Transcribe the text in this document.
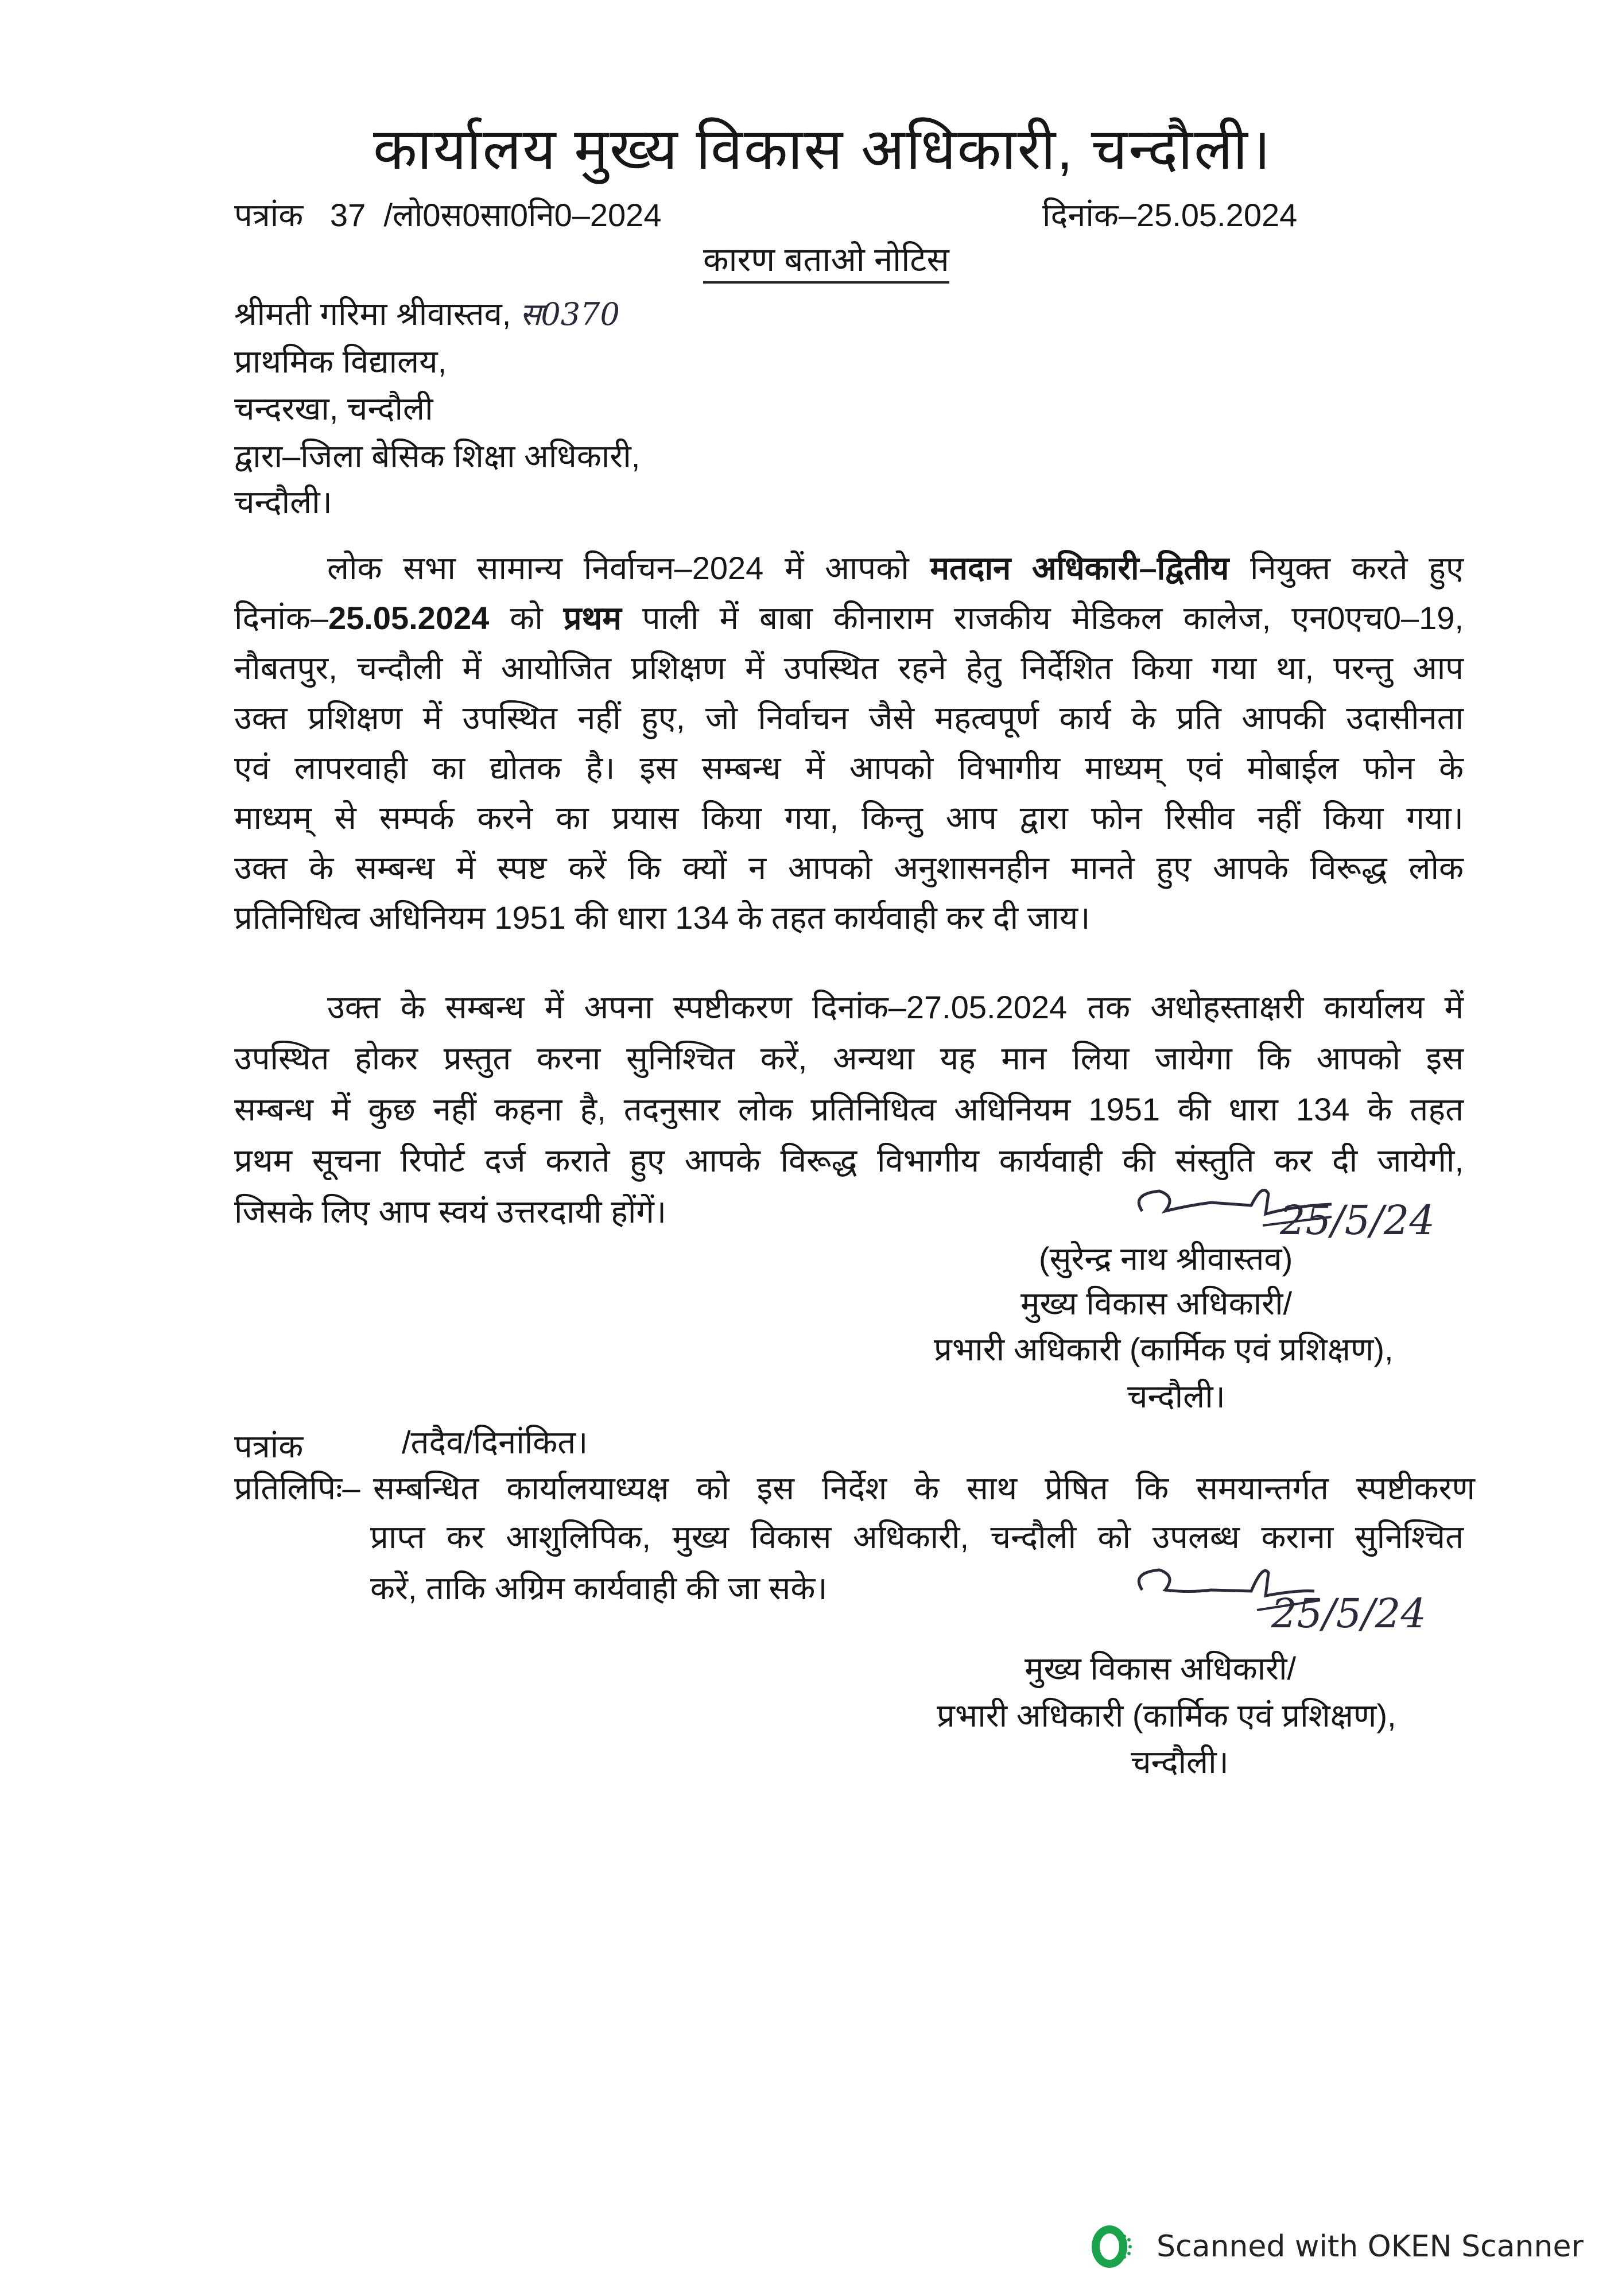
कार्यालय मुख्य विकास अधिकारी, चन्दौली।
पत्रांक 37 /लो0स0सा0नि0–2024	दिनांक–25.05.2024
कारण बताओ नोटिस
श्रीमती गरिमा श्रीवास्तव, स0370
प्राथमिक विद्यालय,
चन्दरखा, चन्दौली
द्वारा–जिला बेसिक शिक्षा अधिकारी,
चन्दौली।
लोक सभा सामान्य निर्वाचन–2024 में आपको मतदान अधिकारी–द्वितीय नियुक्त करते हुए
दिनांक–25.05.2024 को प्रथम पाली में बाबा कीनाराम राजकीय मेडिकल कालेज, एन0एच0–19,
नौबतपुर, चन्दौली में आयोजित प्रशिक्षण में उपस्थित रहने हेतु निर्देशित किया गया था, परन्तु आप
उक्त प्रशिक्षण में उपस्थित नहीं हुए, जो निर्वाचन जैसे महत्वपूर्ण कार्य के प्रति आपकी उदासीनता
एवं लापरवाही का द्योतक है। इस सम्बन्ध में आपको विभागीय माध्यम् एवं मोबाईल फोन के
माध्यम् से सम्पर्क करने का प्रयास किया गया, किन्तु आप द्वारा फोन रिसीव नहीं किया गया।
उक्त के सम्बन्ध में स्पष्ट करें कि क्यों न आपको अनुशासनहीन मानते हुए आपके विरूद्ध लोक
प्रतिनिधित्व अधिनियम 1951 की धारा 134 के तहत कार्यवाही कर दी जाय।
उक्त के सम्बन्ध में अपना स्पष्टीकरण दिनांक–27.05.2024 तक अधोहस्ताक्षरी कार्यालय में
उपस्थित होकर प्रस्तुत करना सुनिश्चित करें, अन्यथा यह मान लिया जायेगा कि आपको इस
सम्बन्ध में कुछ नहीं कहना है, तदनुसार लोक प्रतिनिधित्व अधिनियम 1951 की धारा 134 के तहत
प्रथम सूचना रिपोर्ट दर्ज कराते हुए आपके विरूद्ध विभागीय कार्यवाही की संस्तुति कर दी जायेगी,
जिसके लिए आप स्वयं उत्तरदायी होंगें।	25/5/24
(सुरेन्द्र नाथ श्रीवास्तव)
मुख्य विकास अधिकारी/
प्रभारी अधिकारी (कार्मिक एवं प्रशिक्षण),
चन्दौली।
पत्रांक	/तदैव/दिनांकित।
प्रतिलिपिः– सम्बन्धित कार्यालयाध्यक्ष को इस निर्देश के साथ प्रेषित कि समयान्तर्गत स्पष्टीकरण
प्राप्त कर आशुलिपिक, मुख्य विकास अधिकारी, चन्दौली को उपलब्ध कराना सुनिश्चित
करें, ताकि अग्रिम कार्यवाही की जा सके।
25/5/24
मुख्य विकास अधिकारी/
प्रभारी अधिकारी (कार्मिक एवं प्रशिक्षण),
चन्दौली।
Scanned with OKEN Scanner
